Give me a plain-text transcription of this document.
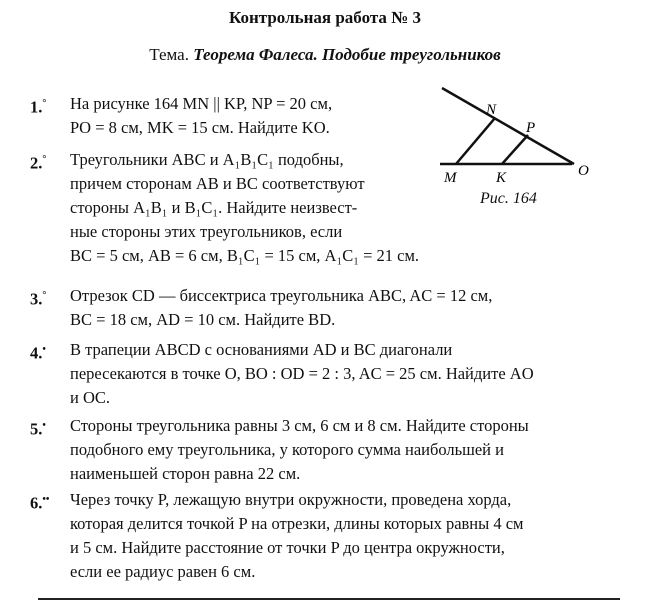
Контрольная работа № 3
Тема. Теорема Фалеса. Подобие треугольников
1.°	На рисунке 164 MN || KP, NP = 20 см,
PO = 8 см, MK = 15 см. Найдите KO.
2.°	Треугольники ABC и A₁B₁C₁ подобны,
причем сторонам AB и BC соответствуют
стороны A₁B₁ и B₁C₁. Найдите неизвест-
ные стороны этих треугольников, если
BC = 5 см, AB = 6 см, B₁C₁ = 15 см, A₁C₁ = 21 см.
3.°	Отрезок CD — биссектриса треугольника ABC, AC = 12 см,
BC = 18 см, AD = 10 см. Найдите BD.
4.•	В трапеции ABCD с основаниями AD и BC диагонали
пересекаются в точке O, BO : OD = 2 : 3, AC = 25 см. Найдите AO
и OC.
5.•	Стороны треугольника равны 3 см, 6 см и 8 см. Найдите стороны
подобного ему треугольника, у которого сумма наибольшей и
наименьшей сторон равна 22 см.
6.••	Через точку P, лежащую внутри окружности, проведена хорда,
которая делится точкой P на отрезки, длины которых равны 4 см
и 5 см. Найдите расстояние от точки P до центра окружности,
если ее радиус равен 6 см.
N
P
M	K	O
Рис. 164
